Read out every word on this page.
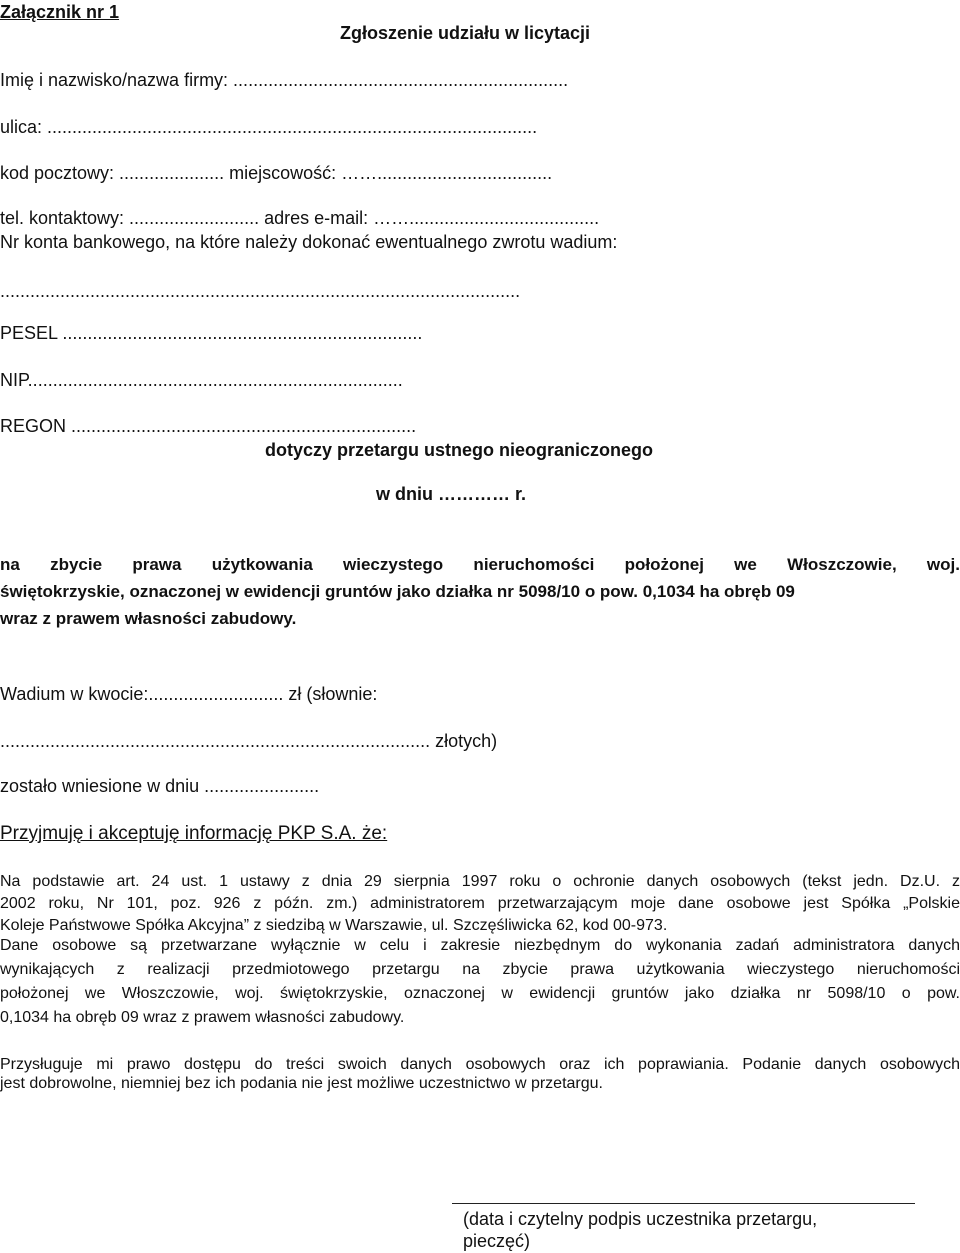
Załącznik nr 1
Zgłoszenie udziału w licytacji
Imię i nazwisko/nazwa firmy: ...................................................................
ulica: ..................................................................................................
kod pocztowy: ..................... miejscowość: ……...................................
tel. kontaktowy: .......................... adres e-mail: ……......................................
Nr konta bankowego, na które należy dokonać ewentualnego zwrotu wadium:
........................................................................................................
PESEL ........................................................................
NIP...........................................................................
REGON .....................................................................
dotyczy przetargu ustnego nieograniczonego
w dniu ………… r.
na zbycie prawa użytkowania wieczystego nieruchomości położonej we Włoszczowie, woj.
świętokrzyskie, oznaczonej w ewidencji gruntów jako działka nr 5098/10 o pow. 0,1034 ha obręb 09
wraz z prawem własności zabudowy.
Wadium w kwocie:........................... zł (słownie:
...................................................................................... złotych)
zostało wniesione w dniu .......................
Przyjmuję i akceptuję informację PKP S.A. że:
Na podstawie art. 24 ust. 1 ustawy z dnia 29 sierpnia 1997 roku o ochronie danych osobowych (tekst jedn. Dz.U. z
2002 roku, Nr 101, poz. 926 z późn. zm.) administratorem przetwarzającym moje dane osobowe jest Spółka „Polskie
Koleje Państwowe Spółka Akcyjna” z siedzibą w Warszawie, ul. Szczęśliwicka 62, kod 00-973.
Dane osobowe są przetwarzane wyłącznie w celu i zakresie niezbędnym do wykonania zadań administratora danych
wynikających z realizacji przedmiotowego przetargu na zbycie prawa użytkowania wieczystego nieruchomości
położonej we Włoszczowie, woj. świętokrzyskie, oznaczonej w ewidencji gruntów jako działka nr 5098/10 o pow.
0,1034 ha obręb 09 wraz z prawem własności zabudowy.
Przysługuje mi prawo dostępu do treści swoich danych osobowych oraz ich poprawiania. Podanie danych osobowych
jest dobrowolne, niemniej bez ich podania nie jest możliwe uczestnictwo w przetargu.
(data i czytelny podpis uczestnika przetargu,
pieczęć)
